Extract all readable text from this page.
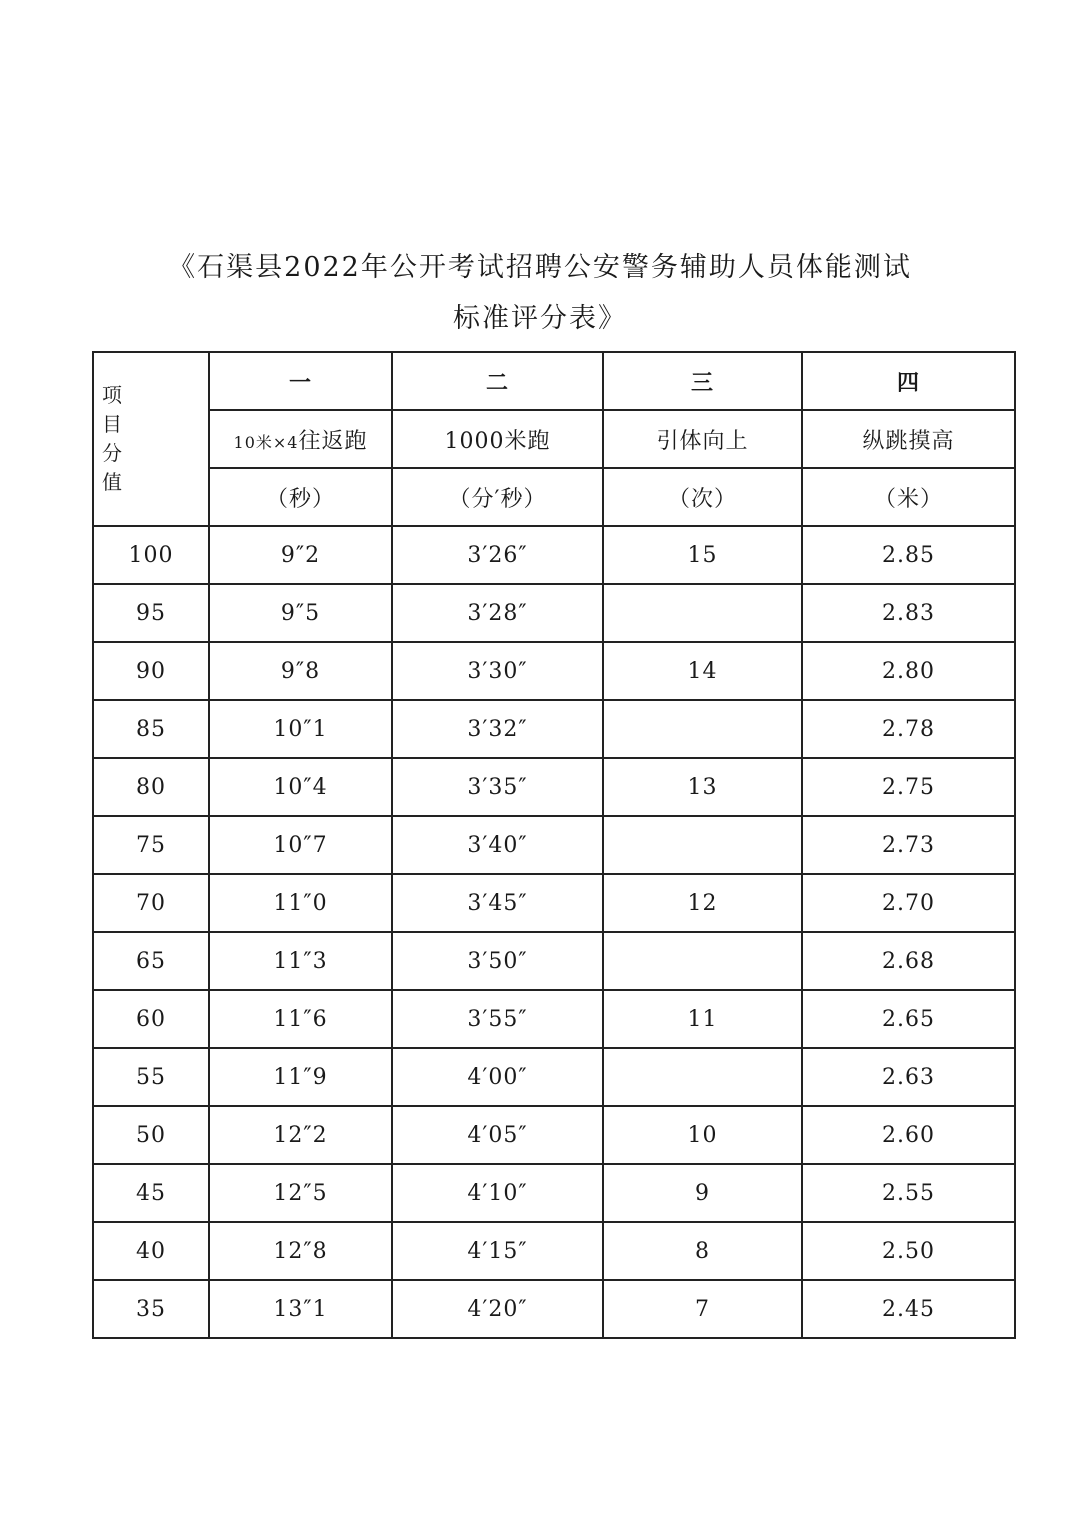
《石渠县2022年公开考试招聘公安警务辅助人员体能测试
标准评分表》
项目分值	一	二	三	四
	10米×4往返跑	1000米跑	引体向上	纵跳摸高
	（秒）	（分′秒）	（次）	（米）
100	9″2	3′26″	15	2.85
95	9″5	3′28″		2.83
90	9″8	3′30″	14	2.80
85	10″1	3′32″		2.78
80	10″4	3′35″	13	2.75
75	10″7	3′40″		2.73
70	11″0	3′45″	12	2.70
65	11″3	3′50″		2.68
60	11″6	3′55″	11	2.65
55	11″9	4′00″		2.63
50	12″2	4′05″	10	2.60
45	12″5	4′10″	9	2.55
40	12″8	4′15″	8	2.50
35	13″1	4′20″	7	2.45
